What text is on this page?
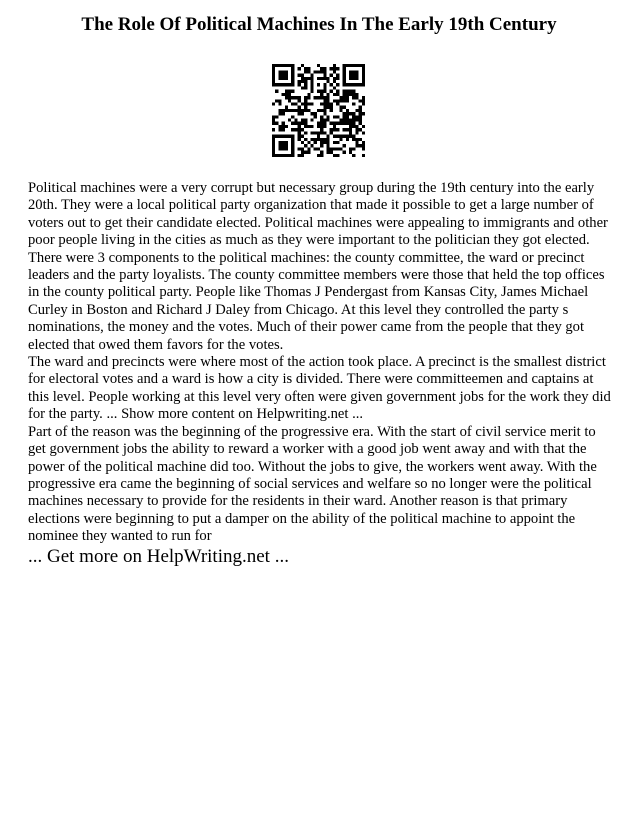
The Role Of Political Machines In The Early 19th Century

Political machines were a very corrupt but necessary group during the 19th century into the early 20th. They were a local political party organization that made it possible to get a large number of voters out to get their candidate elected. Political machines were appealing to immigrants and other poor people living in the cities as much as they were important to the politician they got elected.

There were 3 components to the political machines: the county committee, the ward or precinct leaders and the party loyalists. The county committee members were those that held the top offices in the county political party. People like Thomas J Pendergast from Kansas City, James Michael Curley in Boston and Richard J Daley from Chicago. At this level they controlled the party s nominations, the money and the votes. Much of their power came from the people that they got elected that owed them favors for the votes.

The ward and precincts were where most of the action took place. A precinct is the smallest district for electoral votes and a ward is how a city is divided. There were committeemen and captains at this level. People working at this level very often were given government jobs for the work they did for the party. ... Show more content on Helpwriting.net ...

Part of the reason was the beginning of the progressive era. With the start of civil service merit to get government jobs the ability to reward a worker with a good job went away and with that the power of the political machine did too. Without the jobs to give, the workers went away. With the progressive era came the beginning of social services and welfare so no longer were the political machines necessary to provide for the residents in their ward. Another reason is that primary elections were beginning to put a damper on the ability of the political machine to appoint the nominee they wanted to run for

... Get more on HelpWriting.net ...
